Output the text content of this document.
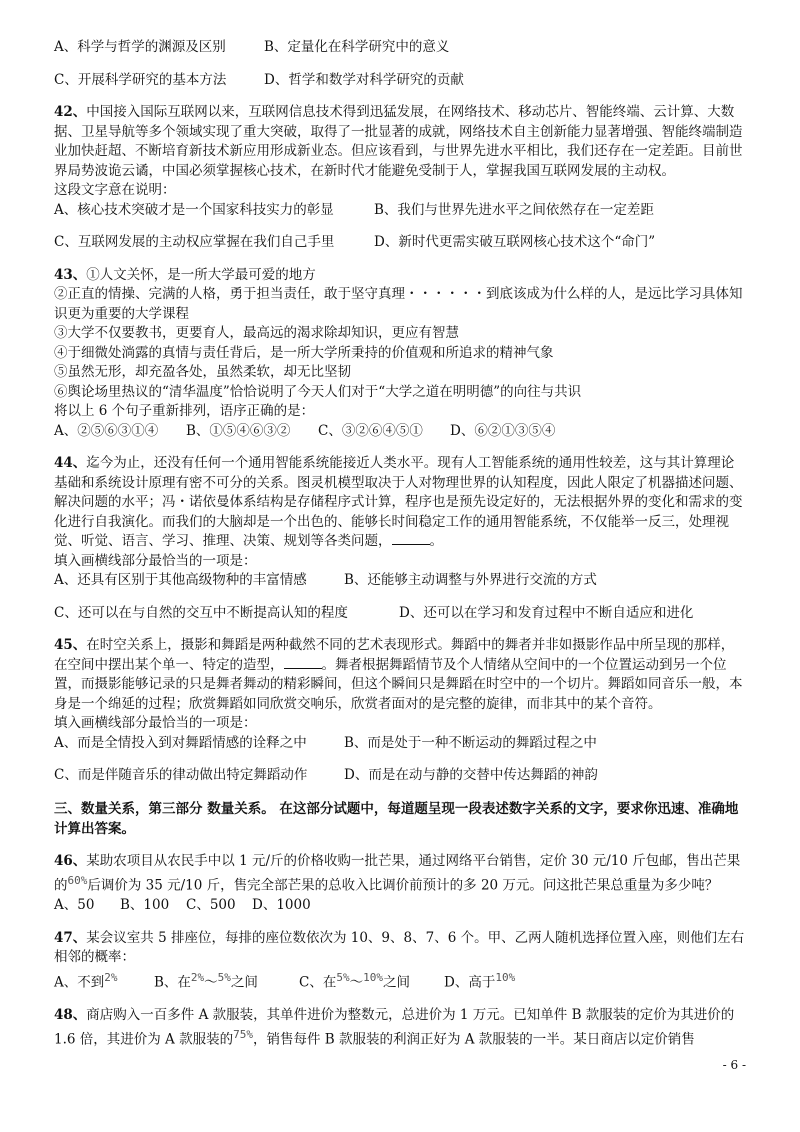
A、科学与哲学的渊源及区别	B、定量化在科学研究中的意义
C、开展科学研究的基本方法	D、哲学和数学对科学研究的贡献
42、中国接入国际互联网以来，互联网信息技术得到迅猛发展，在网络技术、移动芯片、智能终端、云计算、大数据、卫星导航等多个领域实现了重大突破，取得了一批显著的成就，网络技术自主创新能力显著增强、智能终端制造业加快赶超、不断培育新技术新应用形成新业态。但应该看到，与世界先进水平相比，我们还存在一定差距。目前世界局势波诡云谲，中国必须掌握核心技术，在新时代才能避免受制于人，掌握我国互联网发展的主动权。
这段文字意在说明：
A、核心技术突破才是一个国家科技实力的彰显	B、我们与世界先进水平之间依然存在一定差距
C、互联网发展的主动权应掌握在我们自己手里	D、新时代更需实破互联网核心技术这个“命门”
43、①人文关怀，是一所大学最可爱的地方
②正直的情操、完满的人格，勇于担当责任，敢于坚守真理・・・・・・到底该成为什么样的人，是远比学习具体知识更为重要的大学课程
③大学不仅要教书，更要育人，最高远的渴求除却知识，更应有智慧
④于细微处淌露的真情与责任背后，是一所大学所秉持的价值观和所追求的精神气象
⑤虽然无形，却充盈各处，虽然柔软，却无比坚韧
⑥舆论场里热议的“清华温度”恰恰说明了今天人们对于“大学之道在明明德”的向往与共识
将以上 6 个句子重新排列，语序正确的是：
A、②⑤⑥③①④	B、①⑤④⑥③②	C、③②⑥④⑤①	D、⑥②①③⑤④
44、迄今为止，还没有任何一个通用智能系统能接近人类水平。现有人工智能系统的通用性较差，这与其计算理论基础和系统设计原理有密不可分的关系。图灵机模型取决于人对物理世界的认知程度，因此人限定了机器描述问题、解决问题的水平；冯・诺依曼体系结构是存储程序式计算，程序也是预先设定好的，无法根据外界的变化和需求的变化进行自我演化。而我们的大脑却是一个出色的、能够长时间稳定工作的通用智能系统，不仅能举一反三，处理视觉、听觉、语言、学习、推理、决策、规划等各类问题，	。
填入画横线部分最恰当的一项是：
A、还具有区别于其他高级物种的丰富情感	B、还能够主动调整与外界进行交流的方式
C、还可以在与自然的交互中不断提高认知的程度	D、还可以在学习和发育过程中不断自适应和进化
45、在时空关系上，摄影和舞蹈是两种截然不同的艺术表现形式。舞蹈中的舞者并非如摄影作品中所呈现的那样，在空间中摆出某个单一、特定的造型，	。舞者根据舞蹈情节及个人情绪从空间中的一个位置运动到另一个位置，而摄影能够记录的只是舞者舞动的精彩瞬间，但这个瞬间只是舞蹈在时空中的一个切片。舞蹈如同音乐一般，本身是一个绵延的过程；欣赏舞蹈如同欣赏交响乐，欣赏者面对的是完整的旋律，而非其中的某个音符。
填入画横线部分最恰当的一项是：
A、而是全情投入到对舞蹈情感的诠释之中	B、而是处于一种不断运动的舞蹈过程之中
C、而是伴随音乐的律动做出特定舞蹈动作	D、而是在动与静的交替中传达舞蹈的神韵
三、数量关系，第三部分 数量关系。 在这部分试题中，每道题呈现一段表述数字关系的文字，要求你迅速、准确地计算出答案。
46、某助农项目从农民手中以 1 元/斤的价格收购一批芒果，通过网络平台销售，定价 30 元/10 斤包邮，售出芒果的$^{60\%}$后调价为 35 元/10 斤，售完全部芒果的总收入比调价前预计的多 20 万元。问这批芒果总重量为多少吨？
A、50	B、100	C、500	D、1000
47、某会议室共 5 排座位，每排的座位数依次为 10、9、8、7、6 个。甲、乙两人随机选择位置入座，则他们左右相邻的概率：
A、不到$^{2\%}$	B、在$^{2\%}$～$^{5\%}$之间	C、在$^{5\%}$～$^{10\%}$之间	D、高于$^{10\%}$
48、商店购入一百多件 A 款服装，其单件进价为整数元，总进价为 1 万元。已知单件 B 款服装的定价为其进价的 1.6 倍，其进价为 A 款服装的$^{75\%}$，销售每件 B 款服装的利润正好为 A 款服装的一半。某日商店以定价销售
- 6 -
